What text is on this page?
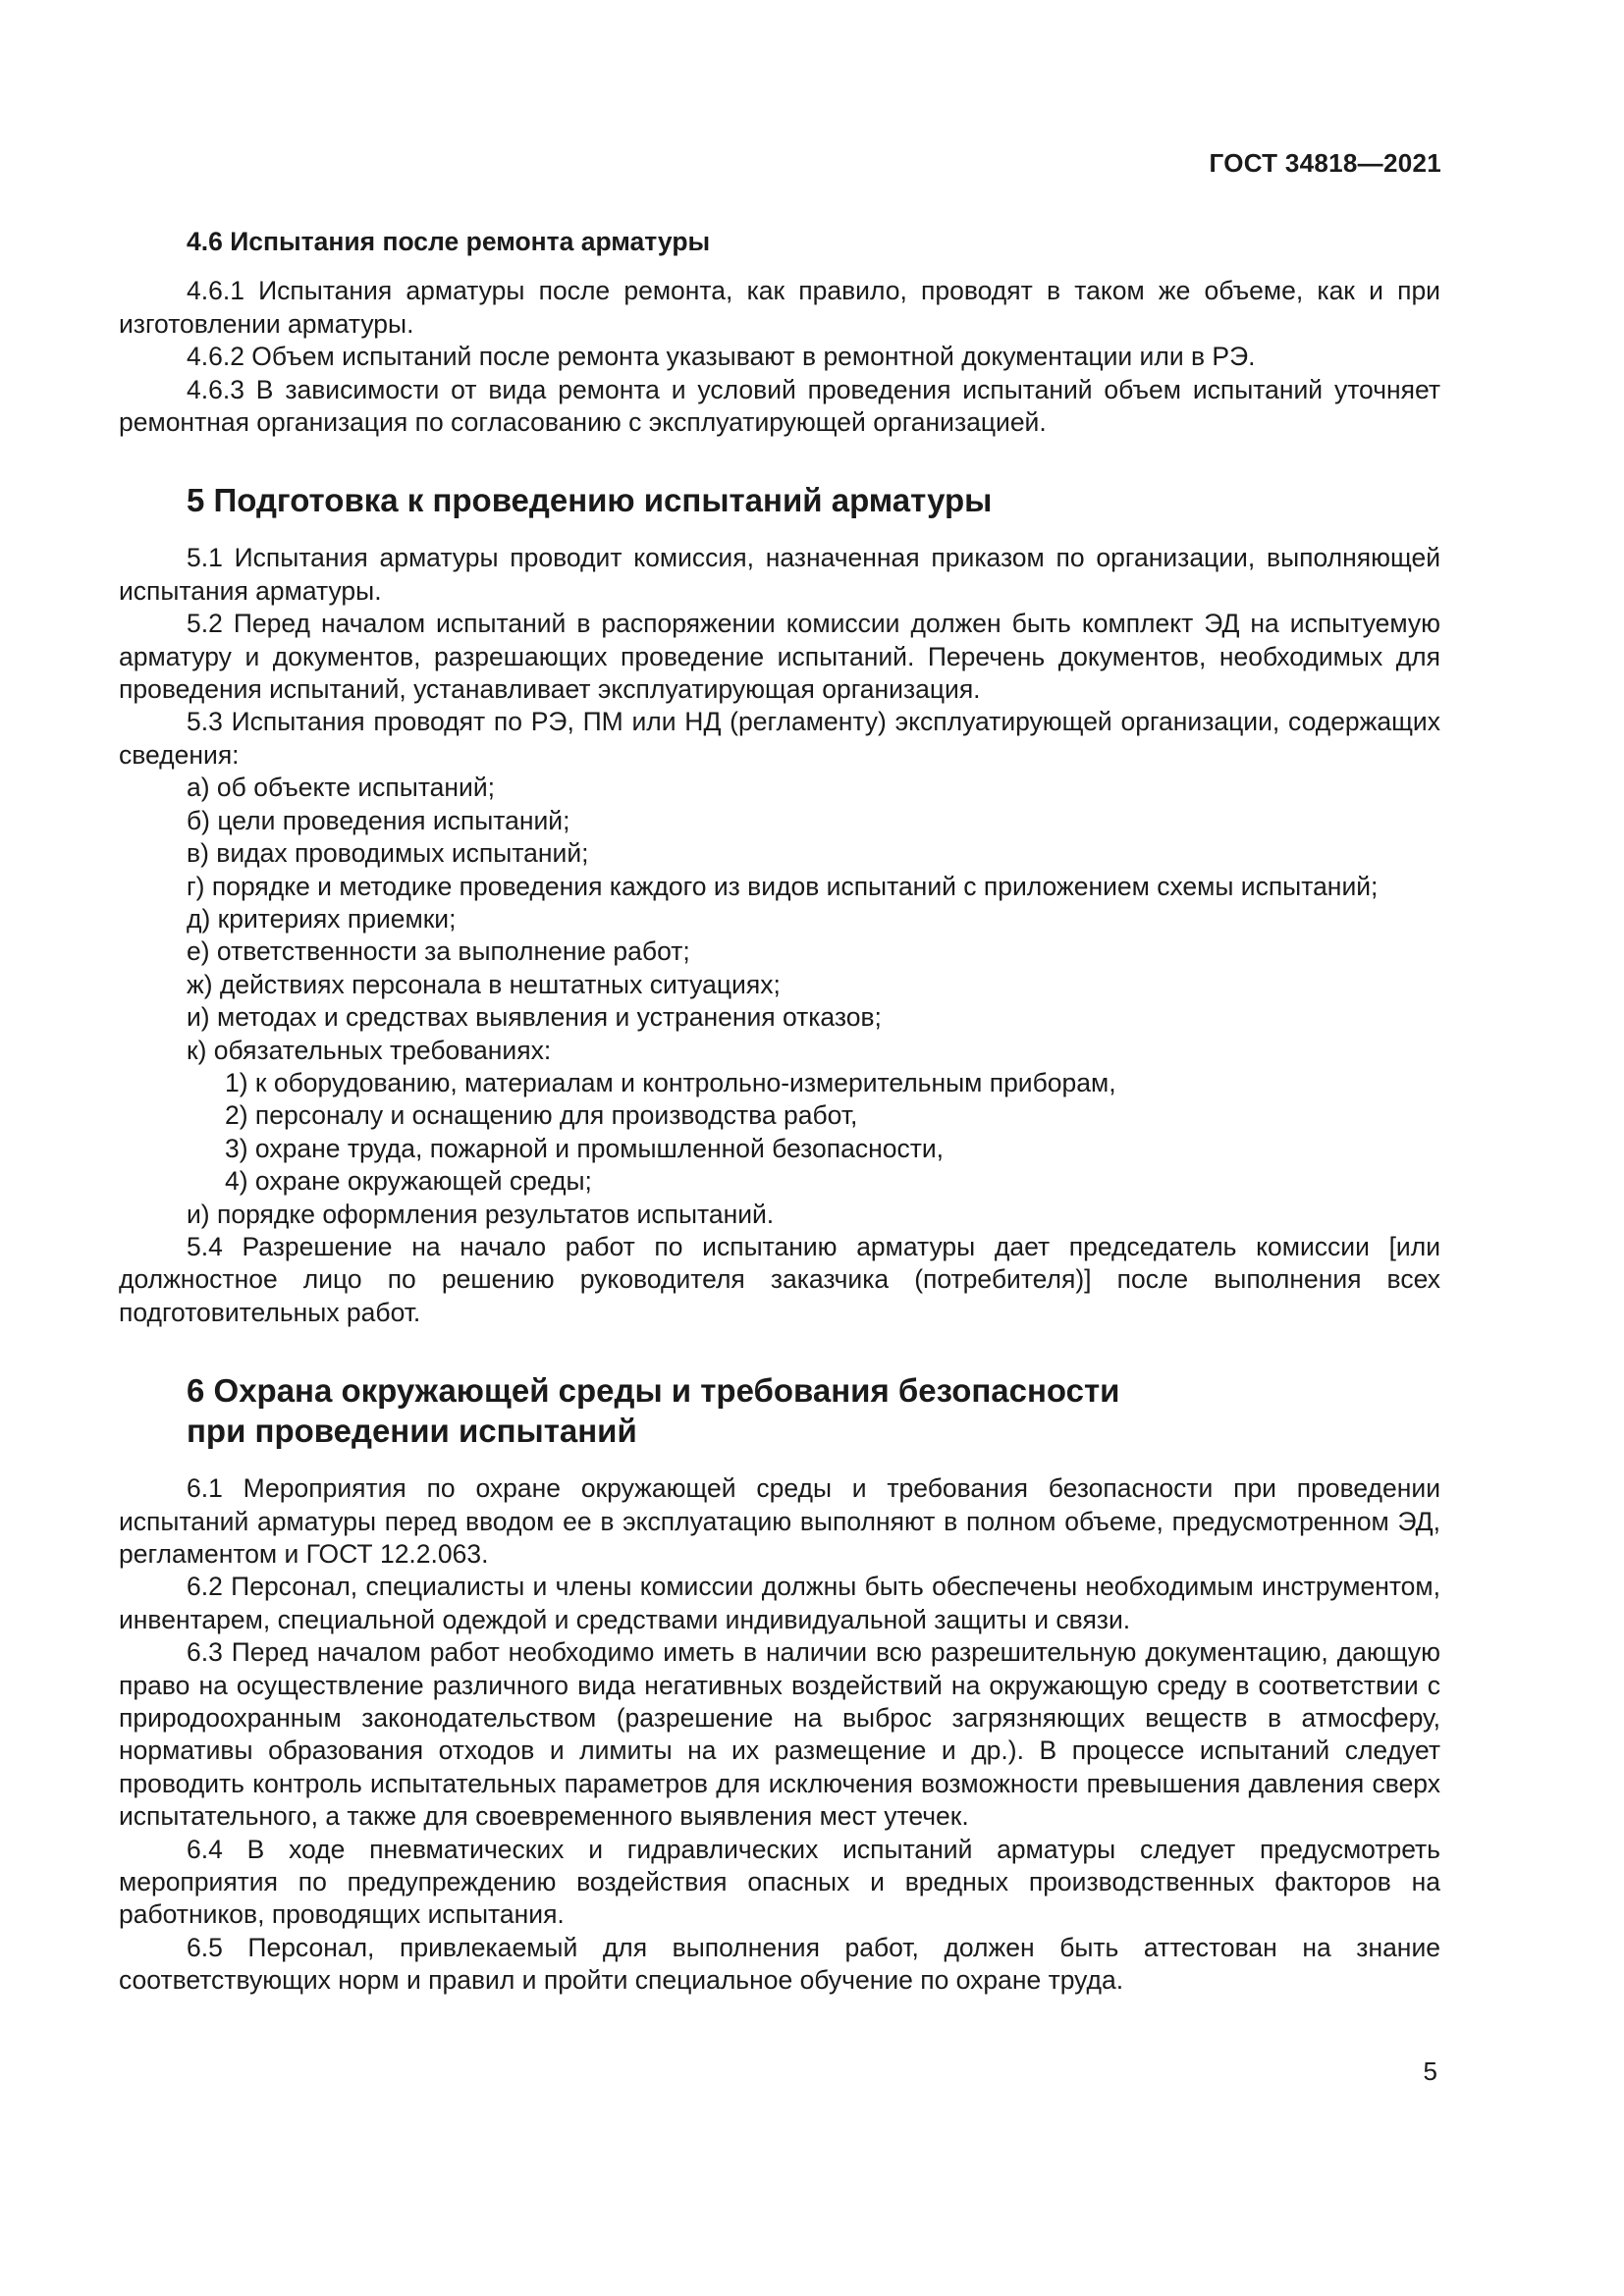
ГОСТ 34818—2021

4.6 Испытания после ремонта арматуры

4.6.1 Испытания арматуры после ремонта, как правило, проводят в таком же объеме, как и при изготовлении арматуры.

4.6.2 Объем испытаний после ремонта указывают в ремонтной документации или в РЭ.

4.6.3 В зависимости от вида ремонта и условий проведения испытаний объем испытаний уточняет ремонтная организация по согласованию с эксплуатирующей организацией.

5 Подготовка к проведению испытаний арматуры

5.1 Испытания арматуры проводит комиссия, назначенная приказом по организации, выполняющей испытания арматуры.

5.2 Перед началом испытаний в распоряжении комиссии должен быть комплект ЭД на испытуемую арматуру и документов, разрешающих проведение испытаний. Перечень документов, необходимых для проведения испытаний, устанавливает эксплуатирующая организация.

5.3 Испытания проводят по РЭ, ПМ или НД (регламенту) эксплуатирующей организации, содержащих сведения:

а) об объекте испытаний;

б) цели проведения испытаний;

в) видах проводимых испытаний;

г) порядке и методике проведения каждого из видов испытаний с приложением схемы испытаний;

д) критериях приемки;

е) ответственности за выполнение работ;

ж) действиях персонала в нештатных ситуациях;

и) методах и средствах выявления и устранения отказов;

к) обязательных требованиях:

1) к оборудованию, материалам и контрольно-измерительным приборам,

2) персоналу и оснащению для производства работ,

3) охране труда, пожарной и промышленной безопасности,

4) охране окружающей среды;

и) порядке оформления результатов испытаний.

5.4 Разрешение на начало работ по испытанию арматуры дает председатель комиссии [или должностное лицо по решению руководителя заказчика (потребителя)] после выполнения всех подготовительных работ.

6 Охрана окружающей среды и требования безопасности
при проведении испытаний

6.1 Мероприятия по охране окружающей среды и требования безопасности при проведении испытаний арматуры перед вводом ее в эксплуатацию выполняют в полном объеме, предусмотренном ЭД, регламентом и ГОСТ 12.2.063.

6.2 Персонал, специалисты и члены комиссии должны быть обеспечены необходимым инструментом, инвентарем, специальной одеждой и средствами индивидуальной защиты и связи.

6.3 Перед началом работ необходимо иметь в наличии всю разрешительную документацию, дающую право на осуществление различного вида негативных воздействий на окружающую среду в соответствии с природоохранным законодательством (разрешение на выброс загрязняющих веществ в атмосферу, нормативы образования отходов и лимиты на их размещение и др.). В процессе испытаний следует проводить контроль испытательных параметров для исключения возможности превышения давления сверх испытательного, а также для своевременного выявления мест утечек.

6.4 В ходе пневматических и гидравлических испытаний арматуры следует предусмотреть мероприятия по предупреждению воздействия опасных и вредных производственных факторов на работников, проводящих испытания.

6.5 Персонал, привлекаемый для выполнения работ, должен быть аттестован на знание соответствующих норм и правил и пройти специальное обучение по охране труда.

5
